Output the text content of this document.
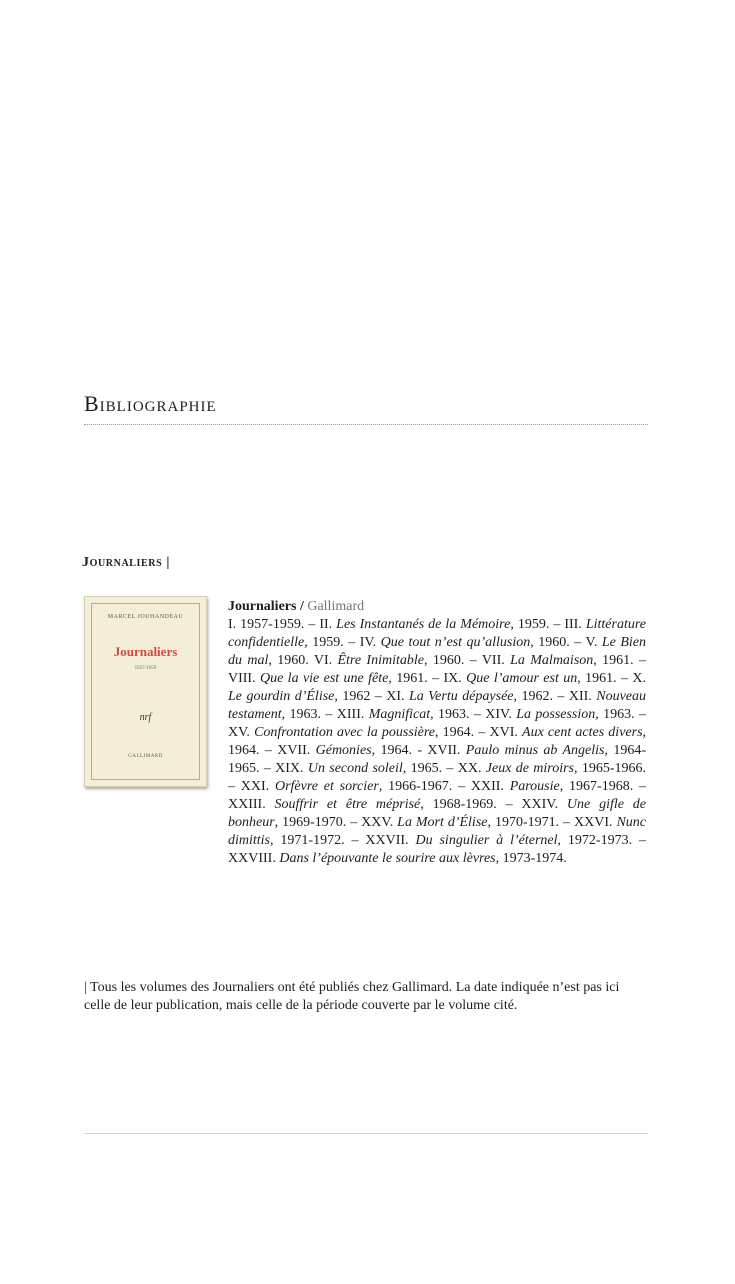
Bibliographie
Journaliers |
MARCEL JOUHANDEAU
Journaliers
1957-1959
nrf
GALLIMARD

Journaliers / Gallimard
I. 1957-1959. – II. Les Instantanés de la Mémoire, 1959. – III. Littérature confidentielle, 1959. – IV. Que tout n’est qu’allusion, 1960. – V. Le Bien du mal, 1960. VI. Être Inimitable, 1960. – VII. La Malmaison, 1961. – VIII. Que la vie est une fête, 1961. – IX. Que l’amour est un, 1961. – X. Le gourdin d’Élise, 1962 – XI. La Vertu dépaysée, 1962. – XII. Nouveau testament, 1963. – XIII. Magnificat, 1963. – XIV. La possession, 1963. – XV. Confrontation avec la poussière, 1964. – XVI. Aux cent actes divers, 1964. – XVII. Gémonies, 1964. - XVII. Paulo minus ab Angelis, 1964-1965. – XIX. Un second soleil, 1965. – XX. Jeux de miroirs, 1965-1966. – XXI. Orfèvre et sorcier, 1966-1967. – XXII. Parousie, 1967-1968. – XXIII. Souffrir et être méprisé, 1968-1969. – XXIV. Une gifle de bonheur, 1969-1970. – XXV. La Mort d’Élise, 1970-1971. – XXVI. Nunc dimittis, 1971-1972. – XXVII. Du singulier à l’éternel, 1972-1973. – XXVIII. Dans l’épouvante le sourire aux lèvres, 1973-1974.

| Tous les volumes des Journaliers ont été publiés chez Gallimard. La date indiquée n’est pas ici celle de leur publication, mais celle de la période couverte par le volume cité.
